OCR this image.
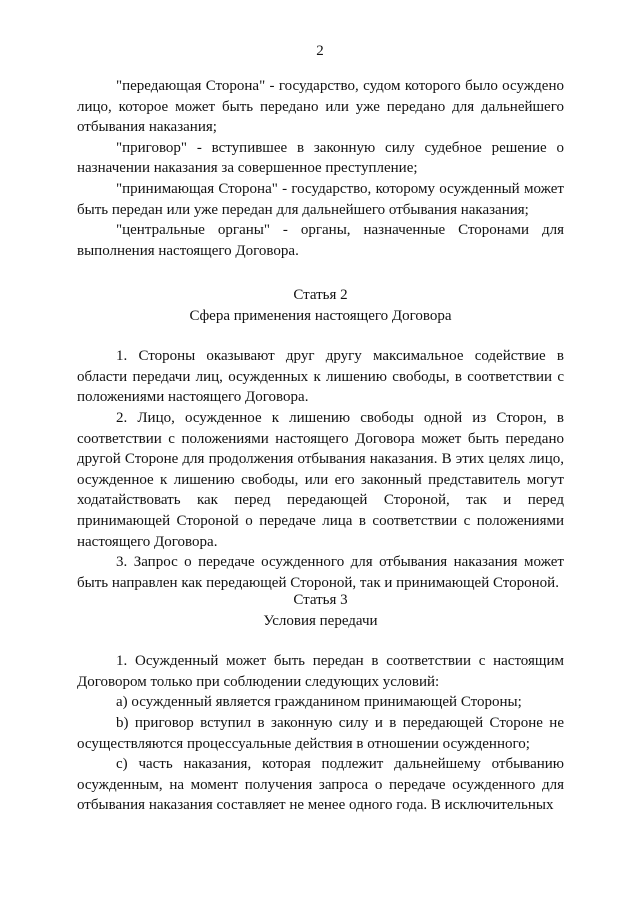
2

"передающая Сторона" - государство, судом которого было осуждено лицо, которое может быть передано или уже передано для дальнейшего отбывания наказания;

"приговор" - вступившее в законную силу судебное решение о назначении наказания за совершенное преступление;

"принимающая Сторона" - государство, которому осужденный может быть передан или уже передан для дальнейшего отбывания наказания;

"центральные органы" - органы, назначенные Сторонами для выполнения настоящего Договора.

Статья 2

Сфера применения настоящего Договора

1. Стороны оказывают друг другу максимальное содействие в области передачи лиц, осужденных к лишению свободы, в соответствии с положениями настоящего Договора.

2. Лицо, осужденное к лишению свободы одной из Сторон, в соответствии с положениями настоящего Договора может быть передано другой Стороне для продолжения отбывания наказания. В этих целях лицо, осужденное к лишению свободы, или его законный представитель могут ходатайствовать как перед передающей Стороной, так и перед принимающей Стороной о передаче лица в соответствии с положениями настоящего Договора.

3. Запрос о передаче осужденного для отбывания наказания может быть направлен как передающей Стороной, так и принимающей Стороной.

Статья 3

Условия передачи

1. Осужденный может быть передан в соответствии с настоящим Договором только при соблюдении следующих условий:

а) осужденный является гражданином принимающей Стороны;

b) приговор вступил в законную силу и в передающей Стороне не осуществляются процессуальные действия в отношении осужденного;

с) часть наказания, которая подлежит дальнейшему отбыванию осужденным, на момент получения запроса о передаче осужденного для отбывания наказания составляет не менее одного года. В исключительных
